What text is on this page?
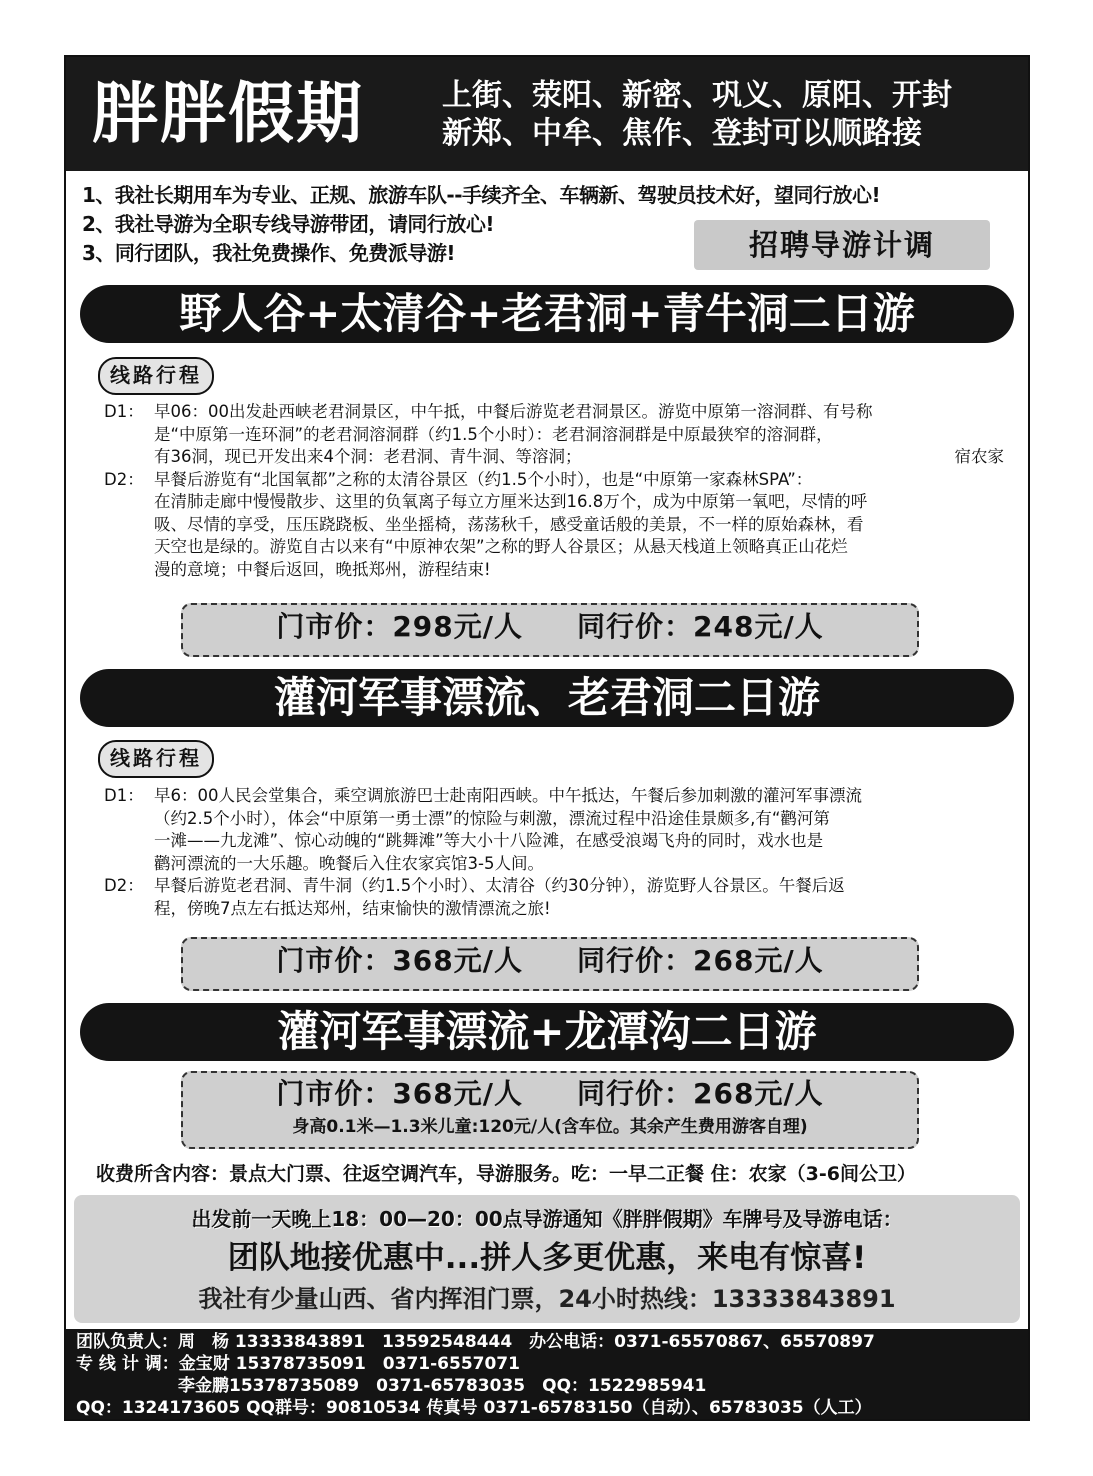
胖胖假期	上街、荥阳、新密、巩义、原阳、开封
新郑、中牟、焦作、登封可以顺路接
1、我社长期用车为专业、正规、旅游车队--手续齐全、车辆新、驾驶员技术好，望同行放心!
2、我社导游为全职专线导游带团，请同行放心!
3、同行团队，我社免费操作、免费派导游!	招聘导游计调
野人谷+太清谷+老君洞+青牛洞二日游
线路行程
D1： 早06：00出发赴西峡老君洞景区，中午抵，中餐后游览老君洞景区。游览中原第一溶洞群、有号称
是“中原第一连环洞”的老君洞溶洞群（约1.5个小时）：老君洞溶洞群是中原最狭窄的溶洞群，
有36洞，现已开发出来4个洞：老君洞、青牛洞、等溶洞；	宿农家
D2： 早餐后游览有“北国氧都”之称的太清谷景区（约1.5个小时），也是“中原第一家森林SPA”：
在清肺走廊中慢慢散步、这里的负氧离子每立方厘米达到16.8万个，成为中原第一氧吧，尽情的呼
吸、尽情的享受，压压跷跷板、坐坐摇椅，荡荡秋千，感受童话般的美景，不一样的原始森林，看
天空也是绿的。游览自古以来有“中原神农架”之称的野人谷景区；从悬天栈道上领略真正山花烂
漫的意境；中餐后返回，晚抵郑州，游程结束!
门市价：298元/人 同行价：248元/人
灌河军事漂流、老君洞二日游
线路行程
D1： 早6：00人民会堂集合，乘空调旅游巴士赴南阳西峡。中午抵达，午餐后参加刺激的灌河军事漂流
（约2.5个小时），体会“中原第一勇士漂”的惊险与刺激，漂流过程中沿途佳景颇多,有“鹳河第
一滩——九龙滩”、惊心动魄的“跳舞滩”等大小十八险滩，在感受浪竭飞舟的同时，戏水也是
鹳河漂流的一大乐趣。晚餐后入住农家宾馆3-5人间。
D2： 早餐后游览老君洞、青牛洞（约1.5个小时）、太清谷（约30分钟），游览野人谷景区。午餐后返
程，傍晚7点左右抵达郑州，结束愉快的激情漂流之旅!
门市价：368元/人 同行价：268元/人
灌河军事漂流+龙潭沟二日游
门市价：368元/人 同行价：268元/人
身高0.1米—1.3米儿童:120元/人(含车位。其余产生费用游客自理)
收费所含内容：景点大门票、往返空调汽车，导游服务。吃：一早二正餐 住：农家（3-6间公卫）
出发前一天晚上18：00—20：00点导游通知《胖胖假期》车牌号及导游电话：
团队地接优惠中...拼人多更优惠，来电有惊喜!
我社有少量山西、省内挥泪门票，24小时热线：13333843891
团队负责人：周　杨 13333843891　13592548444　办公电话：0371-65570867、65570897
专 线 计 调：金宝财 15378735091　0371-6557071
　　　　　　李金鹏15378735089　0371-65783035　QQ：1522985941
QQ：1324173605 QQ群号：90810534 传真号 0371-65783150（自动）、65783035（人工）
